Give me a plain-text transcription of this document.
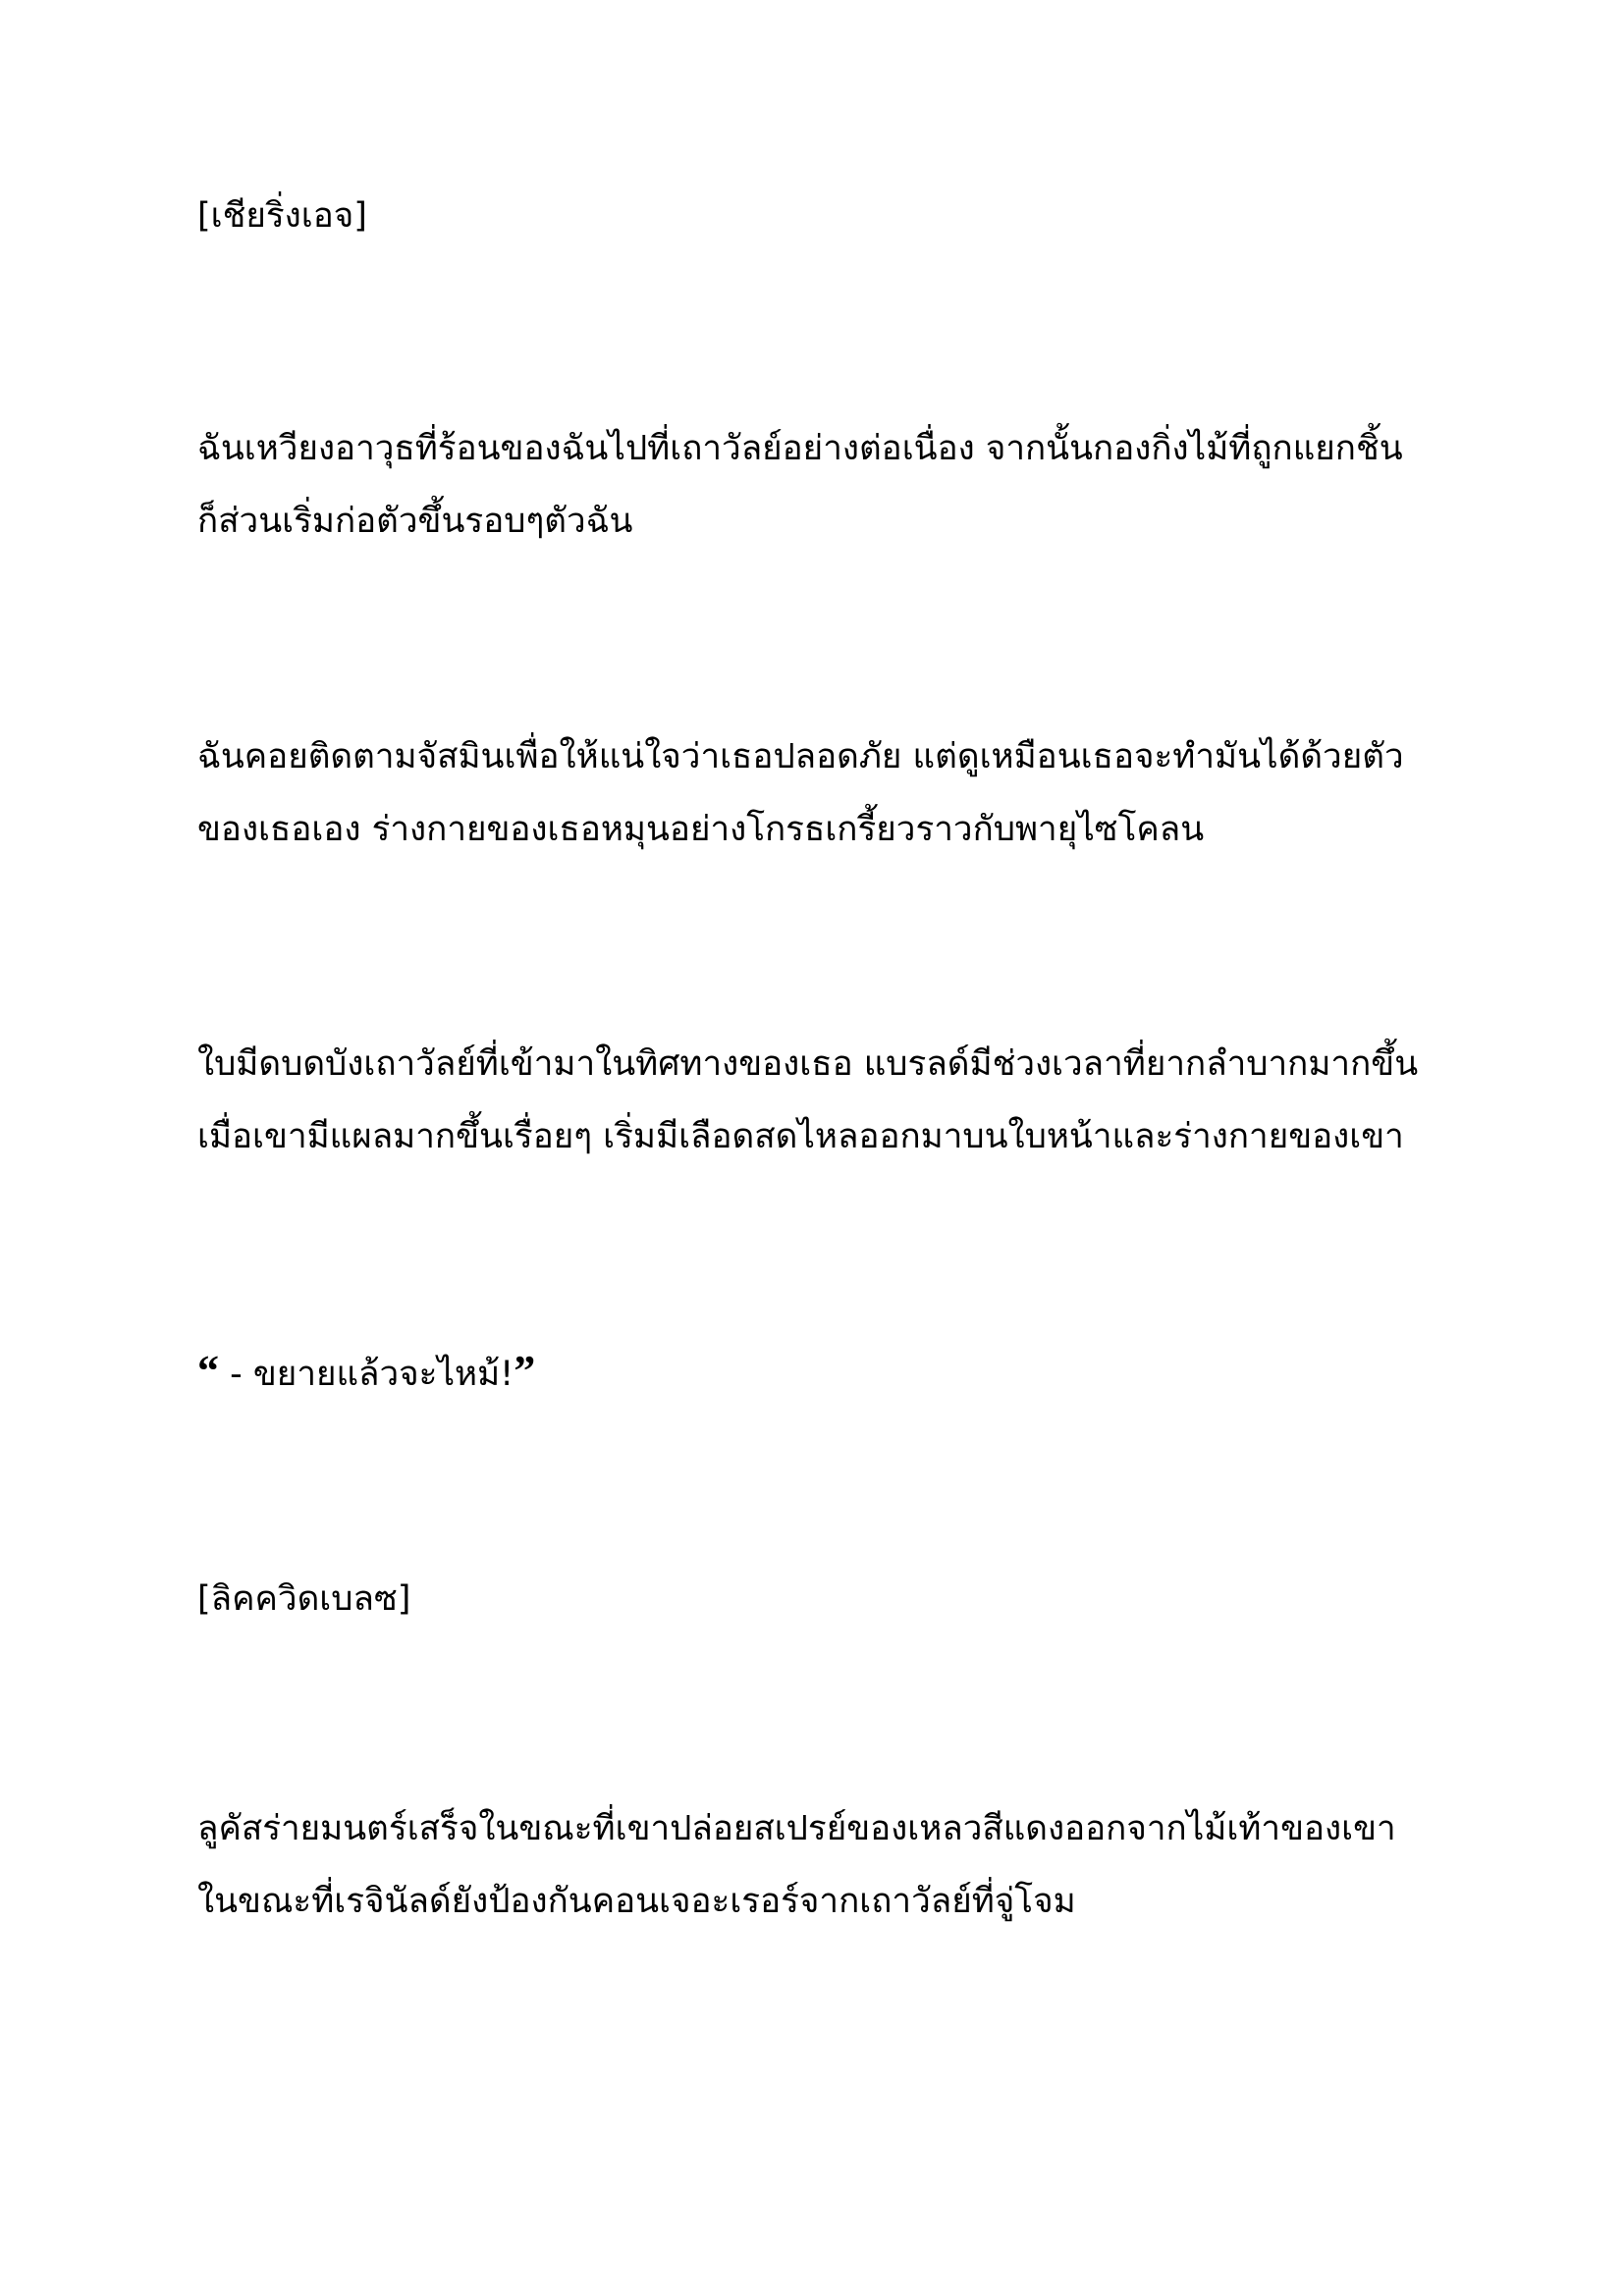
[เชียริ่งเอจ]

ฉันเหวียงอาวุธที่ร้อนของฉันไปที่เถาวัลย์อย่างต่อเนื่อง จากนั้นกองกิ่งไม้ที่ถูกแยกชิ้น

ก็ส่วนเริ่มก่อตัวขึ้นรอบๆตัวฉัน

ฉันคอยติดตามจัสมินเพื่อให้แน่ใจว่าเธอปลอดภัย แต่ดูเหมือนเธอจะทำมันได้ด้วยตัว

ของเธอเอง ร่างกายของเธอหมุนอย่างโกรธเกรี้ยวราวกับพายุไซโคลน

ใบมีดบดบังเถาวัลย์ที่เข้ามาในทิศทางของเธอ แบรลด์มีช่วงเวลาที่ยากลำบากมากขึ้น

เมื่อเขามีแผลมากขึ้นเรื่อยๆ เริ่มมีเลือดสดไหลออกมาบนใบหน้าและร่างกายของเขา

“ - ขยายแล้วจะไหม้!”

[ลิคควิดเบลซ]

ลูคัสร่ายมนตร์เสร็จในขณะที่เขาปล่อยสเปรย์ของเหลวสีแดงออกจากไม้เท้าของเขา

ในขณะที่เรจินัลด์ยังป้องกันคอนเจอะเรอร์จากเถาวัลย์ที่จู่โจม
